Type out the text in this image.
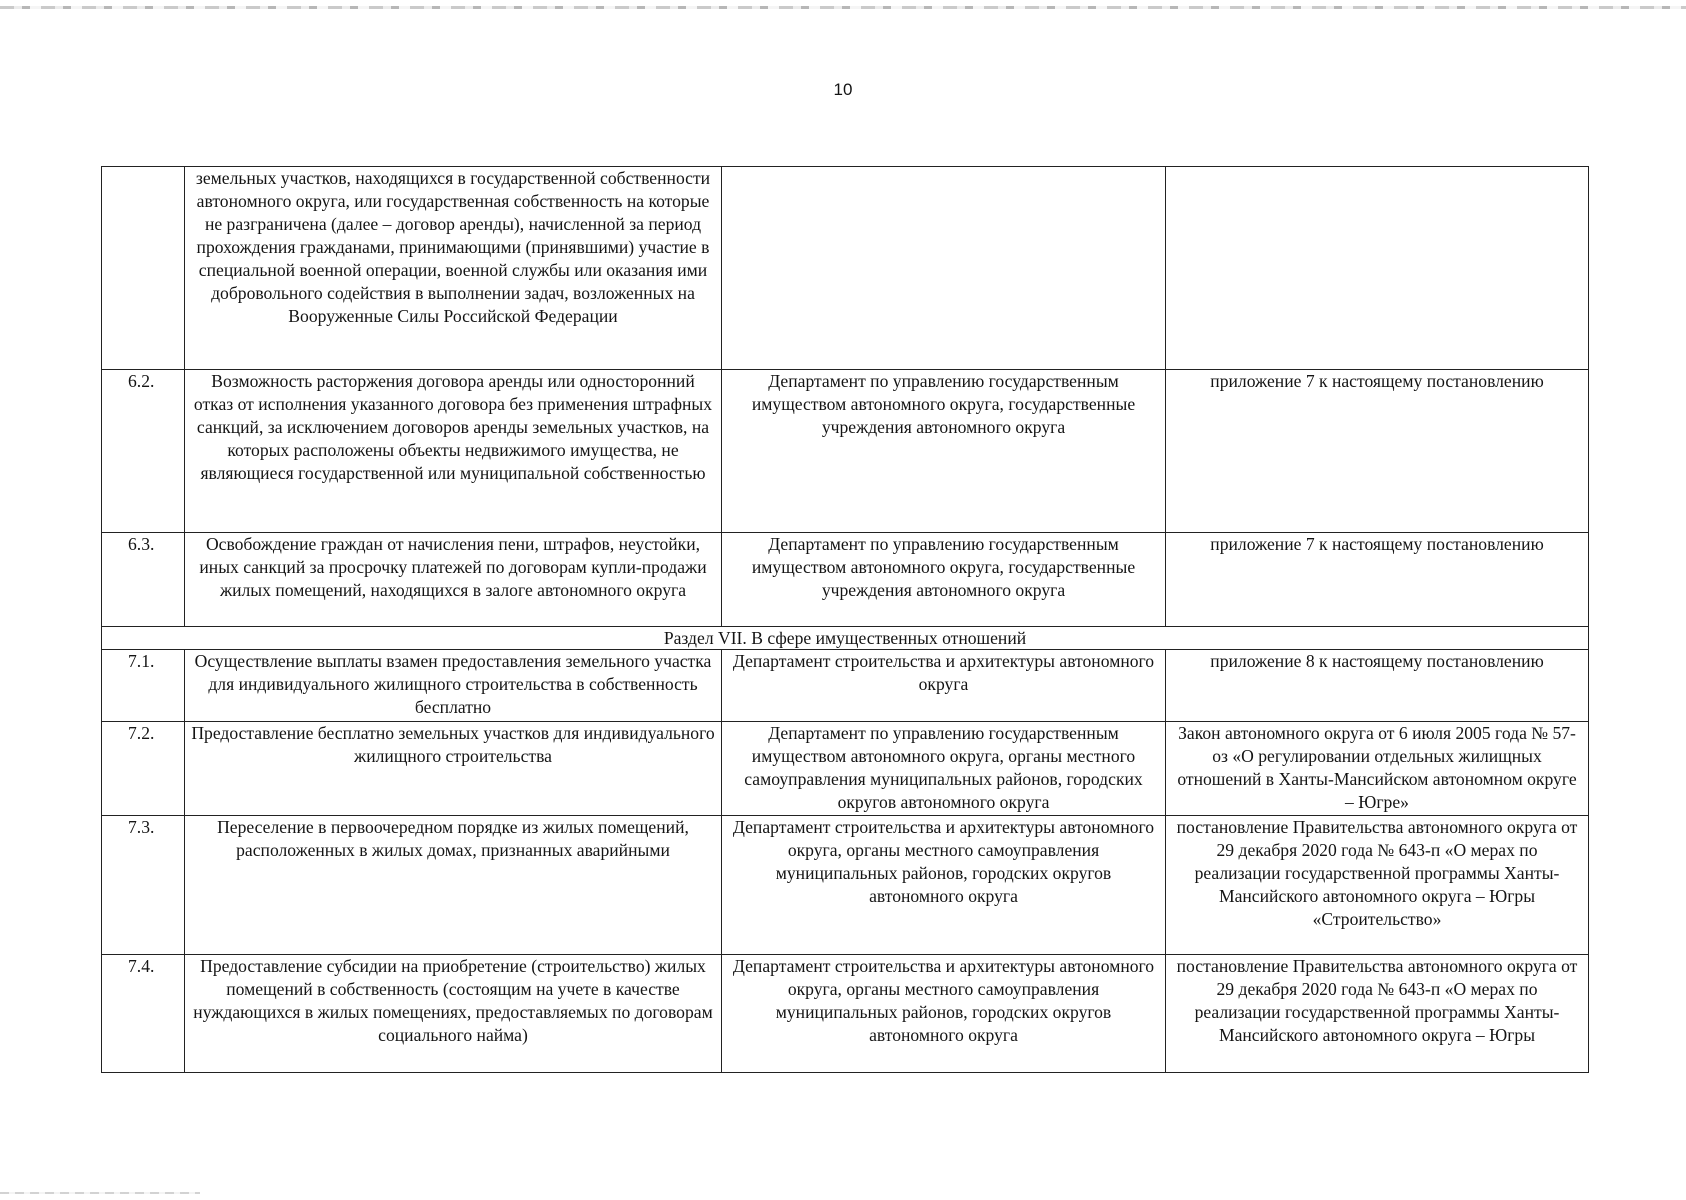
10

	земельных участков, находящихся в государственной собственности автономного округа, или государственная собственность на которые не разграничена (далее – договор аренды), начисленной за период прохождения гражданами, принимающими (принявшими) участие в специальной военной операции, военной службы или оказания ими добровольного содействия в выполнении задач, возложенных на Вооруженные Силы Российской Федерации		

6.2.	Возможность расторжения договора аренды или односторонний отказ от исполнения указанного договора без применения штрафных санкций, за исключением договоров аренды земельных участков, на которых расположены объекты недвижимого имущества, не являющиеся государственной или муниципальной собственностью	Департамент по управлению государственным имуществом автономного округа, государственные учреждения автономного округа	приложение 7 к настоящему постановлению

6.3.	Освобождение граждан от начисления пени, штрафов, неустойки, иных санкций за просрочку платежей по договорам купли-продажи жилых помещений, находящихся в залоге автономного округа	Департамент по управлению государственным имуществом автономного округа, государственные учреждения автономного округа	приложение 7 к настоящему постановлению

Раздел VII. В сфере имущественных отношений			
7.1.	Осуществление выплаты взамен предоставления земельного участка для индивидуального жилищного строительства в собственность бесплатно	Департамент строительства и архитектуры автономного округа	приложение 8 к настоящему постановлению

7.2.	Предоставление бесплатно земельных участков для индивидуального жилищного строительства	Департамент по управлению государственным имуществом автономного округа, органы местного самоуправления муниципальных районов, городских округов автономного округа	Закон автономного округа от 6 июля 2005 года № 57-оз «О регулировании отдельных жилищных отношений в Ханты-Мансийском автономном округе – Югре»

7.3.	Переселение в первоочередном порядке из жилых помещений, расположенных в жилых домах, признанных аварийными	Департамент строительства и архитектуры автономного округа, органы местного самоуправления муниципальных районов, городских округов автономного округа	постановление Правительства автономного округа от 29 декабря 2020 года № 643-п «О мерах по реализации государственной программы Ханты-Мансийского автономного округа – Югры «Строительство»

7.4.	Предоставление субсидии на приобретение (строительство) жилых помещений в собственность (состоящим на учете в качестве нуждающихся в жилых помещениях, предоставляемых по договорам социального найма)	Департамент строительства и архитектуры автономного округа, органы местного самоуправления муниципальных районов, городских округов автономного округа	постановление Правительства автономного округа от 29 декабря 2020 года № 643-п «О мерах по реализации государственной программы Ханты-Мансийского автономного округа – Югры
